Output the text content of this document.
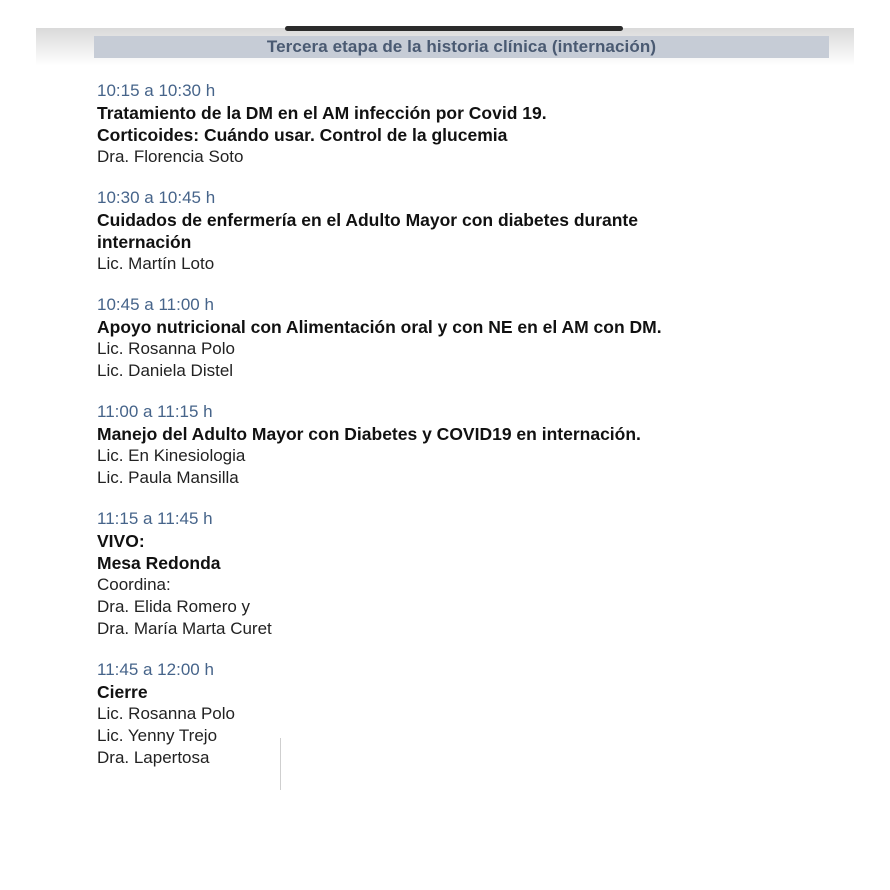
Tercera etapa de la historia clínica (internación)
10:15 a 10:30 h
Tratamiento de la DM en el AM infección por Covid 19.
Corticoides: Cuándo usar. Control de la glucemia
Dra. Florencia Soto
10:30 a 10:45 h
Cuidados de enfermería en el Adulto Mayor con diabetes durante
internación
Lic. Martín Loto
10:45 a 11:00 h
Apoyo nutricional con Alimentación oral y con NE en el AM con DM.
Lic. Rosanna Polo
Lic. Daniela Distel
11:00 a 11:15 h
Manejo del Adulto Mayor con Diabetes y COVID19 en internación.
Lic. En Kinesiologia
Lic. Paula Mansilla
11:15 a 11:45 h
VIVO:
Mesa Redonda
Coordina:
Dra. Elida Romero y
Dra. María Marta Curet
11:45 a 12:00 h
Cierre
Lic. Rosanna Polo
Lic. Yenny Trejo
Dra. Lapertosa
